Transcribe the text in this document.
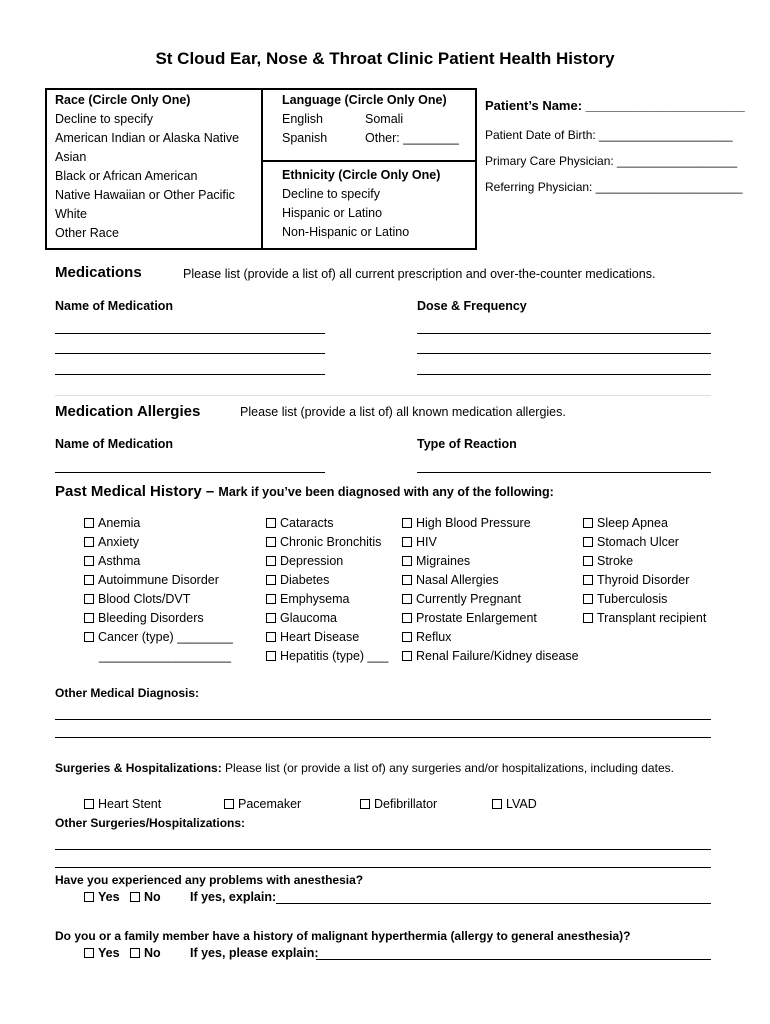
St Cloud Ear, Nose & Throat Clinic Patient Health History
Race (Circle Only One)
Decline to specify
American Indian or Alaska Native
Asian
Black or African American
Native Hawaiian or Other Pacific
White
Other Race
Language (Circle Only One)
English	Somali
Spanish	Other: ________
Ethnicity (Circle Only One)
Decline to specify
Hispanic or Latino
Non-Hispanic or Latino
Patient’s Name: ______________________
Patient Date of Birth: ____________________
Primary Care Physician: __________________
Referring Physician: ______________________
Medications	Please list (provide a list of) all current prescription and over-the-counter medications.
Name of Medication	Dose & Frequency
Medication Allergies	Please list (provide a list of) all known medication allergies.
Name of Medication	Type of Reaction
Past Medical History – Mark if you’ve been diagnosed with any of the following:
Anemia
Anxiety
Asthma
Autoimmune Disorder
Blood Clots/DVT
Bleeding Disorders
Cancer (type) ________
___________________
Cataracts
Chronic Bronchitis
Depression
Diabetes
Emphysema
Glaucoma
Heart Disease
Hepatitis (type) ___
High Blood Pressure
HIV
Migraines
Nasal Allergies
Currently Pregnant
Prostate Enlargement
Reflux
Renal Failure/Kidney disease
Sleep Apnea
Stomach Ulcer
Stroke
Thyroid Disorder
Tuberculosis
Transplant recipient
Other Medical Diagnosis:
Surgeries & Hospitalizations: Please list (or provide a list of) any surgeries and/or hospitalizations, including dates.
Heart Stent	Pacemaker	Defibrillator	LVAD
Other Surgeries/Hospitalizations:
Have you experienced any problems with anesthesia?
Yes	No If yes, explain:
Do you or a family member have a history of malignant hyperthermia (allergy to general anesthesia)?
Yes	No If yes, please explain:
